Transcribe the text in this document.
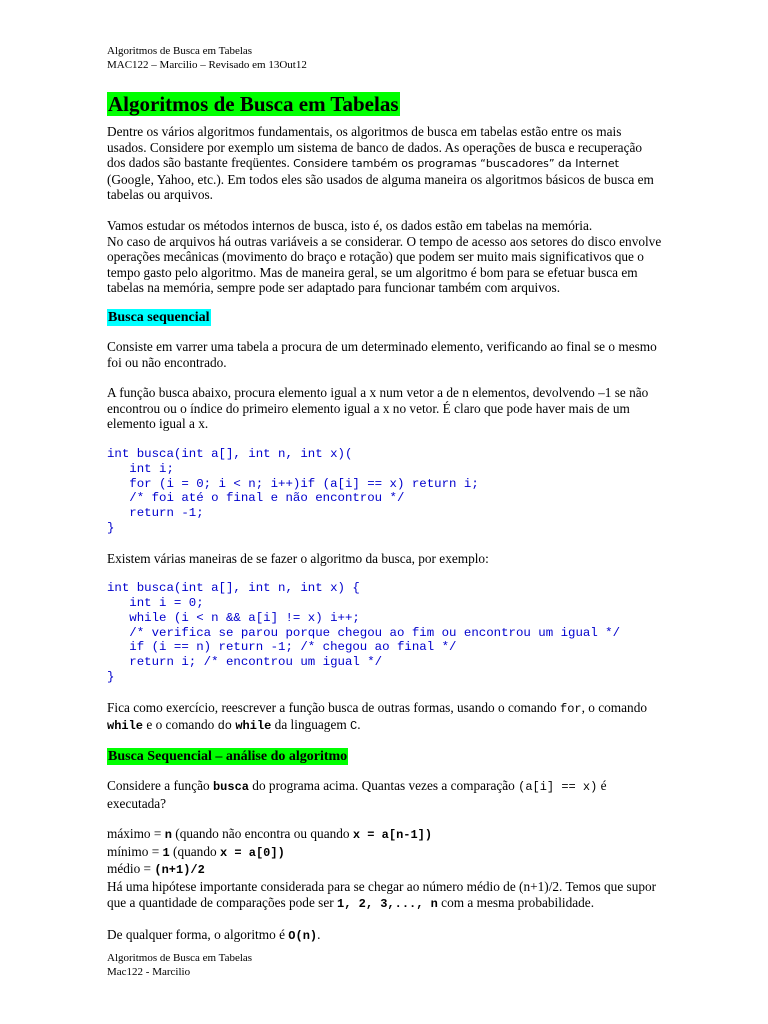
Algoritmos de Busca em Tabelas
MAC122 – Marcilio – Revisado em 13Out12
Algoritmos de Busca em Tabelas

Dentre os vários algoritmos fundamentais, os algoritmos de busca em tabelas estão entre os mais usados. Considere por exemplo um sistema de banco de dados. As operações de busca e recuperação dos dados são bastante freqüentes. Considere também os programas “buscadores” da Internet (Google, Yahoo, etc.). Em todos eles são usados de alguma maneira os algoritmos básicos de busca em tabelas ou arquivos.

Vamos estudar os métodos internos de busca, isto é, os dados estão em tabelas na memória.
No caso de arquivos há outras variáveis a se considerar. O tempo de acesso aos setores do disco envolve operações mecânicas (movimento do braço e rotação) que podem ser muito mais significativos que o tempo gasto pelo algoritmo. Mas de maneira geral, se um algoritmo é bom para se efetuar busca em tabelas na memória, sempre pode ser adaptado para funcionar também com arquivos.

Busca sequencial

Consiste em varrer uma tabela a procura de um determinado elemento, verificando ao final se o mesmo foi ou não encontrado.

A função busca abaixo, procura elemento igual a x num vetor a de n elementos, devolvendo –1 se não encontrou ou o índice do primeiro elemento igual a x no vetor. É claro que pode haver mais de um elemento igual a x.

int busca(int a[], int n, int x)(
int i;
for (i = 0; i < n; i++)if (a[i] == x) return i;
/* foi até o final e não encontrou */
return -1;
}

Existem várias maneiras de se fazer o algoritmo da busca, por exemplo:

int busca(int a[], int n, int x) {
int i = 0;
while (i < n && a[i] != x) i++;
/* verifica se parou porque chegou ao fim ou encontrou um igual */
if (i == n) return -1; /* chegou ao final */
return i; /* encontrou um igual */
}

Fica como exercício, reescrever a função busca de outras formas, usando o comando for, o comando while e o comando do while da linguagem C.

Busca Sequencial – análise do algoritmo

Considere a função busca do programa acima. Quantas vezes a comparação (a[i] == x) é executada?

máximo = n (quando não encontra ou quando x = a[n-1])

mínimo = 1 (quando x = a[0])

médio = (n+1)/2

Há uma hipótese importante considerada para se chegar ao número médio de (n+1)/2. Temos que supor que a quantidade de comparações pode ser 1, 2, 3,..., n com a mesma probabilidade.

De qualquer forma, o algoritmo é O(n).

Algoritmos de Busca em Tabelas
Mac122 - Marcilio
